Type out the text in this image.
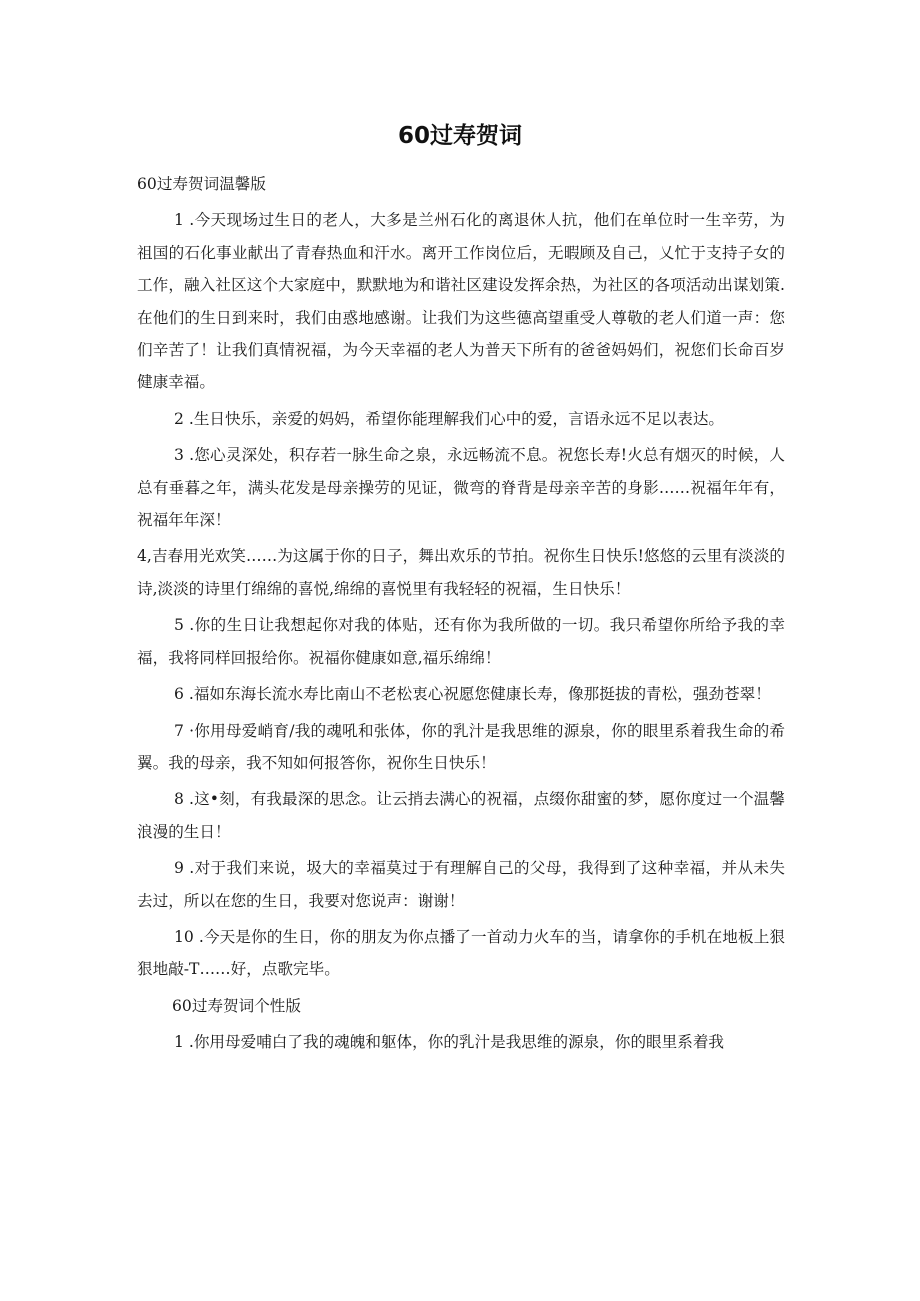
60过寿贺词

60过寿贺词温馨版

1 .今天现场过生日的老人，大多是兰州石化的离退休人抗，他们在单位时一生辛劳，为祖国的石化事业献出了青春热血和汗水。离开工作岗位后，无暇顾及自己，乂忙于支持子女的工作，融入社区这个大家庭中，默默地为和谐社区建设发挥余热，为社区的各项活动出谋划策.在他们的生日到来时，我们由惑地感谢。让我们为这些德高望重受人尊敬的老人们道一声：您们辛苦了！让我们真情祝福，为今天幸福的老人为普天下所有的爸爸妈妈们，祝您们长命百岁健康幸福。

2 .生日快乐，亲爱的妈妈，希望你能理解我们心中的爱，言语永远不足以表达。

3 .您心灵深处，积存若一脉生命之泉，永远畅流不息。祝您长寿!火总有烟灭的时候，人总有垂暮之年，满头花发是母亲操劳的见证，微弯的脊背是母亲辛苦的身影……祝福年年有，祝福年年深！

4,吉春用光欢笑……为这属于你的日子，舞出欢乐的节拍。祝你生日快乐!悠悠的云里有淡淡的诗,淡淡的诗里仃绵绵的喜悦,绵绵的喜悦里有我轻轻的祝福，生日快乐！

5 .你的生日让我想起你对我的体贴，还有你为我所做的一切。我只希望你所给予我的幸福，我将同样回报给你。祝福你健康如意,福乐绵绵！

6 .福如东海长流水寿比南山不老松衷心祝愿您健康长寿，像那挺拔的青松，强劲苍翠！

7 ·你用母爱峭育/我的魂吼和张体，你的乳汁是我思维的源泉，你的眼里系着我生命的希翼。我的母亲，我不知如何报答你，祝你生日快乐！

8 .这•刻，有我最深的思念。让云捎去满心的祝福，点缀你甜蜜的梦，愿你度过一个温馨浪漫的生日！

9 .对于我们来说，圾大的幸福莫过于有理解自己的父母，我得到了这种幸福，并从未失去过，所以在您的生日，我要对您说声：谢谢！

10 .今天是你的生日，你的朋友为你点播了一首动力火车的当，请拿你的手机在地板上狠狠地敲-T……好，点歌完毕。

60过寿贺词个性版

1 .你用母爱哺白了我的魂魄和躯体，你的乳汁是我思维的源泉，你的眼里系着我
